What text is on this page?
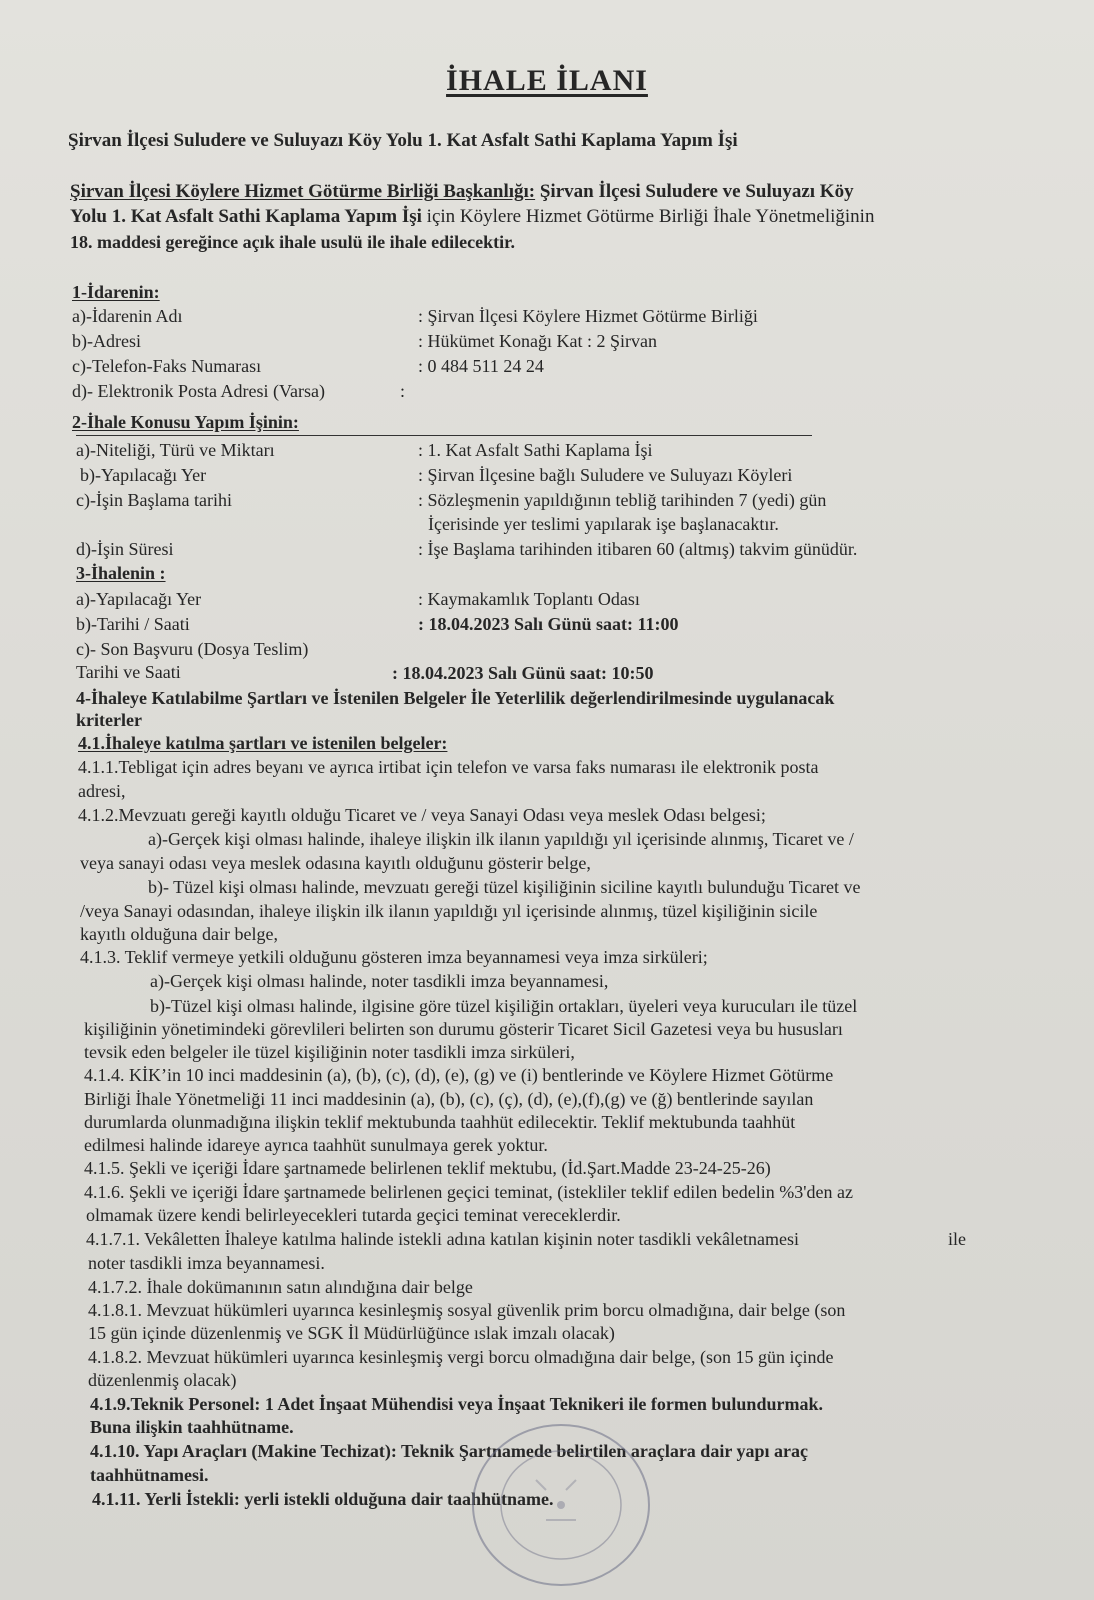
İHALE İLANI
Şirvan İlçesi Suludere ve Suluyazı Köy Yolu 1. Kat Asfalt Sathi Kaplama Yapım İşi
Şirvan İlçesi Köylere Hizmet Götürme Birliği Başkanlığı: Şirvan İlçesi Suludere ve Suluyazı Köy
Yolu 1. Kat Asfalt Sathi Kaplama Yapım İşi için Köylere Hizmet Götürme Birliği İhale Yönetmeliğinin
18. maddesi gereğince açık ihale usulü ile ihale edilecektir.
1-İdarenin:
a)-İdarenin Adı	: Şirvan İlçesi Köylere Hizmet Götürme Birliği
b)-Adresi	: Hükümet Konağı Kat : 2 Şirvan
c)-Telefon-Faks Numarası	: 0 484 511 24 24
d)- Elektronik Posta Adresi (Varsa)	:
2-İhale Konusu Yapım İşinin:
a)-Niteliği, Türü ve Miktarı	: 1. Kat Asfalt Sathi Kaplama İşi
b)-Yapılacağı Yer	: Şirvan İlçesine bağlı Suludere ve Suluyazı Köyleri
c)-İşin Başlama tarihi	: Sözleşmenin yapıldığının tebliğ tarihinden 7 (yedi) gün
İçerisinde yer teslimi yapılarak işe başlanacaktır.
d)-İşin Süresi	: İşe Başlama tarihinden itibaren 60 (altmış) takvim günüdür.
3-İhalenin :
a)-Yapılacağı Yer	: Kaymakamlık Toplantı Odası
b)-Tarihi / Saati	: 18.04.2023 Salı Günü saat: 11:00
c)- Son Başvuru (Dosya Teslim)
Tarihi ve Saati	: 18.04.2023 Salı Günü saat: 10:50
4-İhaleye Katılabilme Şartları ve İstenilen Belgeler İle Yeterlilik değerlendirilmesinde uygulanacak
kriterler
4.1.İhaleye katılma şartları ve istenilen belgeler:
4.1.1.Tebligat için adres beyanı ve ayrıca irtibat için telefon ve varsa faks numarası ile elektronik posta
adresi,
4.1.2.Mevzuatı gereği kayıtlı olduğu Ticaret ve / veya Sanayi Odası veya meslek Odası belgesi;
a)-Gerçek kişi olması halinde, ihaleye ilişkin ilk ilanın yapıldığı yıl içerisinde alınmış, Ticaret ve /
veya sanayi odası veya meslek odasına kayıtlı olduğunu gösterir belge,
b)- Tüzel kişi olması halinde, mevzuatı gereği tüzel kişiliğinin siciline kayıtlı bulunduğu Ticaret ve
/veya Sanayi odasından, ihaleye ilişkin ilk ilanın yapıldığı yıl içerisinde alınmış, tüzel kişiliğinin sicile
kayıtlı olduğuna dair belge,
4.1.3. Teklif vermeye yetkili olduğunu gösteren imza beyannamesi veya imza sirküleri;
a)-Gerçek kişi olması halinde, noter tasdikli imza beyannamesi,
b)-Tüzel kişi olması halinde, ilgisine göre tüzel kişiliğin ortakları, üyeleri veya kurucuları ile tüzel
kişiliğinin yönetimindeki görevlileri belirten son durumu gösterir Ticaret Sicil Gazetesi veya bu hususları
tevsik eden belgeler ile tüzel kişiliğinin noter tasdikli imza sirküleri,
4.1.4. KİK’in 10 inci maddesinin (a), (b), (c), (d), (e), (g) ve (i) bentlerinde ve Köylere Hizmet Götürme
Birliği İhale Yönetmeliği 11 inci maddesinin (a), (b), (c), (ç), (d), (e),(f),(g) ve (ğ) bentlerinde sayılan
durumlarda olunmadığına ilişkin teklif mektubunda taahhüt edilecektir. Teklif mektubunda taahhüt
edilmesi halinde idareye ayrıca taahhüt sunulmaya gerek yoktur.
4.1.5. Şekli ve içeriği İdare şartnamede belirlenen teklif mektubu, (İd.Şart.Madde 23-24-25-26)
4.1.6. Şekli ve içeriği İdare şartnamede belirlenen geçici teminat, (istekliler teklif edilen bedelin %3'den az
olmamak üzere kendi belirleyecekleri tutarda geçici teminat vereceklerdir.
4.1.7.1. Vekâletten İhaleye katılma halinde istekli adına katılan kişinin noter tasdikli vekâletnamesi	ile
noter tasdikli imza beyannamesi.
4.1.7.2. İhale dokümanının satın alındığına dair belge
4.1.8.1. Mevzuat hükümleri uyarınca kesinleşmiş sosyal güvenlik prim borcu olmadığına, dair belge (son
15 gün içinde düzenlenmiş ve SGK İl Müdürlüğünce ıslak imzalı olacak)
4.1.8.2. Mevzuat hükümleri uyarınca kesinleşmiş vergi borcu olmadığına dair belge, (son 15 gün içinde
düzenlenmiş olacak)
4.1.9.Teknik Personel: 1 Adet İnşaat Mühendisi veya İnşaat Teknikeri ile formen bulundurmak.
Buna ilişkin taahhütname.
4.1.10. Yapı Araçları (Makine Techizat): Teknik Şartnamede belirtilen araçlara dair yapı araç
taahhütnamesi.
4.1.11. Yerli İstekli: yerli istekli olduğuna dair taahhütname.
